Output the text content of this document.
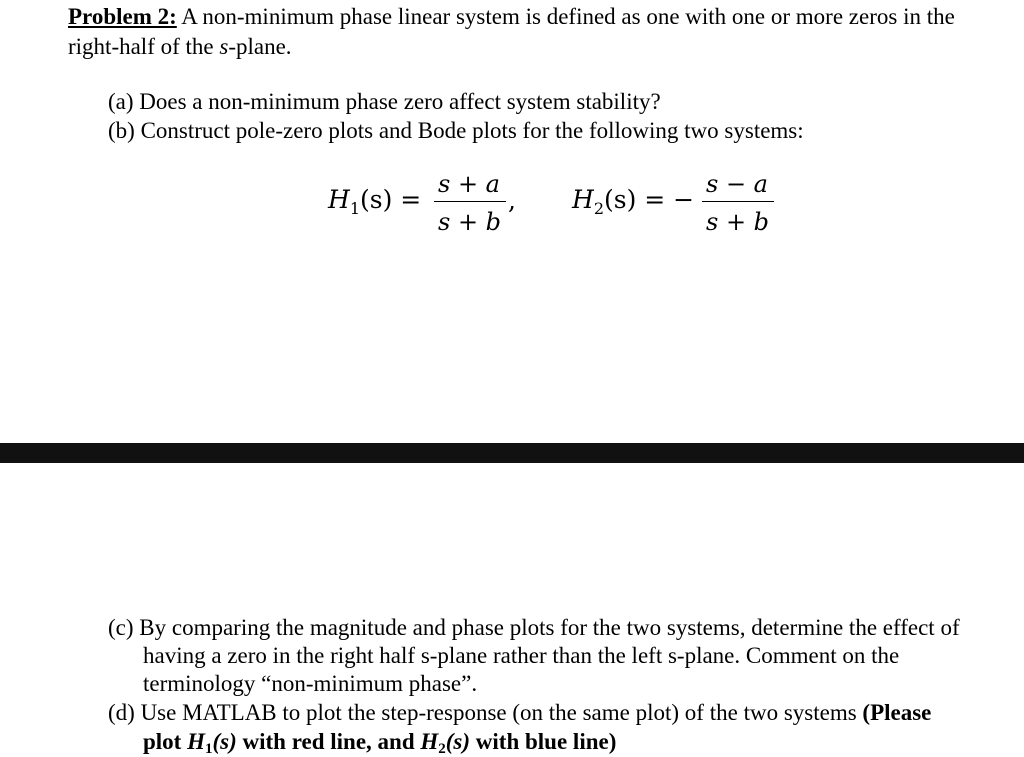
Problem 2: A non-minimum phase linear system is defined as one with one or more zeros in the
right-half of the s-plane.
(a) Does a non-minimum phase zero affect system stability?
(b) Construct pole-zero plots and Bode plots for the following two systems:
$H_1(s)$ =
s + a
s + b
, $H_2(s)$ = −
s − a
s + b
(c) By comparing the magnitude and phase plots for the two systems, determine the effect of
having a zero in the right half s-plane rather than the left s-plane. Comment on the
terminology “non-minimum phase”.
(d) Use MATLAB to plot the step-response (on the same plot) of the two systems (Please
plot H1(s) with red line, and H2(s) with blue line)
